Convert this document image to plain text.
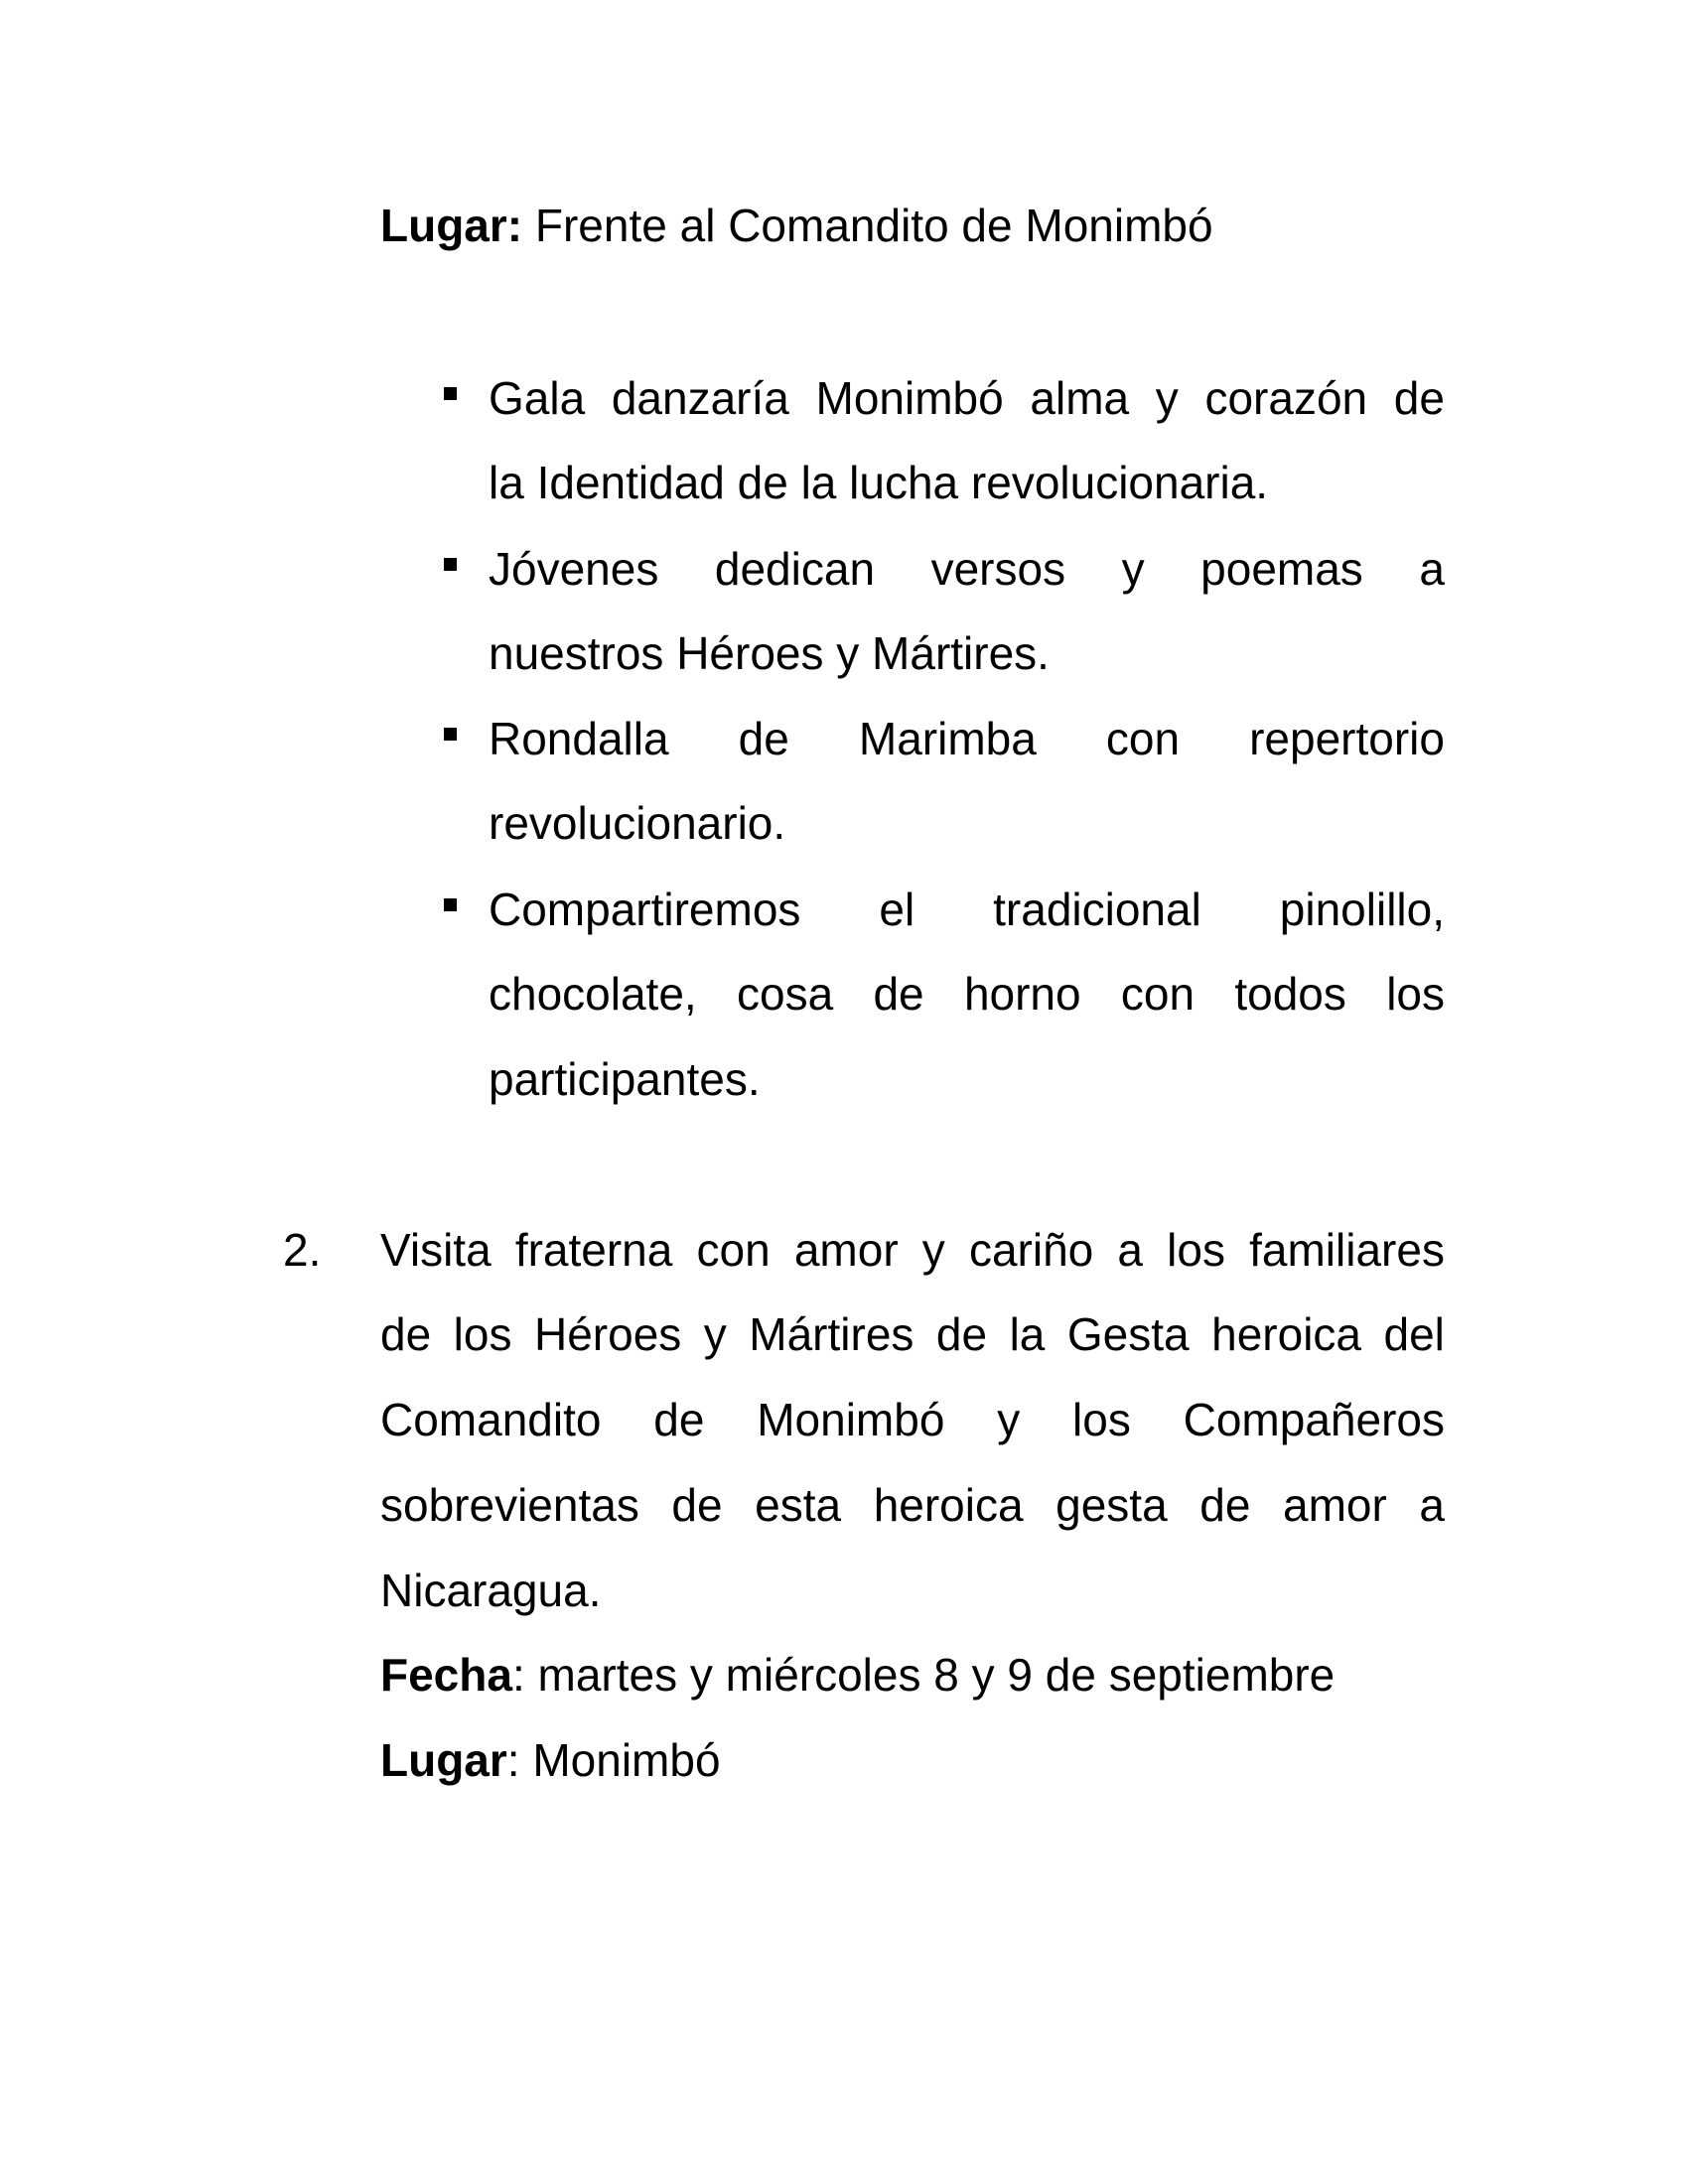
Lugar: Frente al Comandito de Monimbó
Gala danzaría Monimbó alma y corazón de
la Identidad de la lucha revolucionaria.
Jóvenes dedican versos y poemas a
nuestros Héroes y Mártires.
Rondalla de Marimba con repertorio
revolucionario.
Compartiremos el tradicional pinolillo,
chocolate, cosa de horno con todos los
participantes.
2. Visita fraterna con amor y cariño a los familiares
de los Héroes y Mártires de la Gesta heroica del
Comandito de Monimbó y los Compañeros
sobrevientas de esta heroica gesta de amor a
Nicaragua.
Fecha: martes y miércoles 8 y 9 de septiembre
Lugar: Monimbó
